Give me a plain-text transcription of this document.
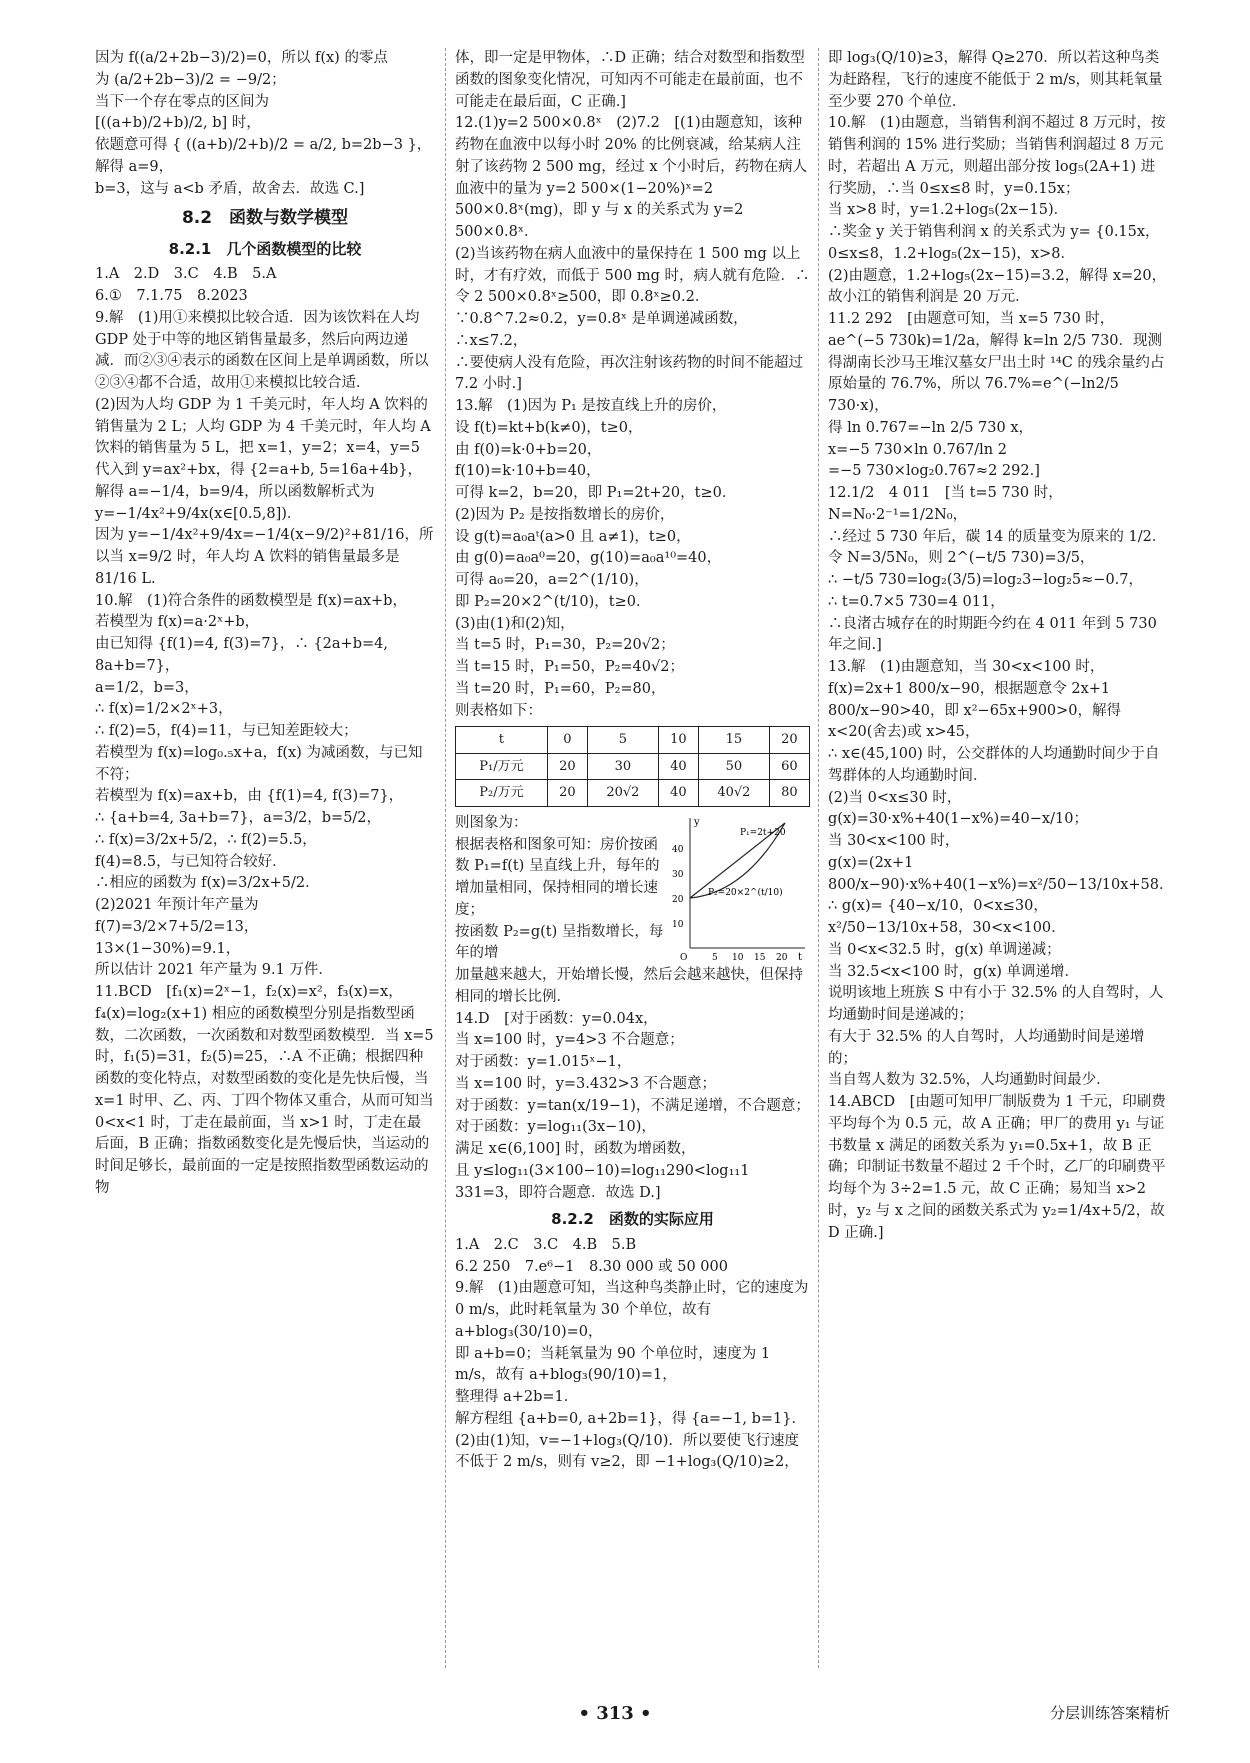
因为 f((a/2+2b−3)/2)=0，所以 f(x) 的零点

为 (a/2+2b−3)/2 = −9/2；

当下一个存在零点的区间为

[((a+b)/2+b)/2, b] 时，

依题意可得 { ((a+b)/2+b)/2 = a/2, b=2b−3 }，解得 a=9，

b=3，这与 a<b 矛盾，故舍去．故选 C.]

8.2　函数与数学模型
8.2.1　几个函数模型的比较

1.A　2.D　3.C　4.B　5.A

6.①　7.1.75　8.2023

9.解　(1)用①来模拟比较合适．因为该饮料在人均 GDP 处于中等的地区销售量最多，然后向两边递减．而②③④表示的函数在区间上是单调函数，所以②③④都不合适，故用①来模拟比较合适．

(2)因为人均 GDP 为 1 千美元时，年人均 A 饮料的销售量为 2 L；人均 GDP 为 4 千美元时，年人均 A 饮料的销售量为 5 L，把 x=1，y=2；x=4，y=5 代入到 y=ax²+bx，得 {2=a+b, 5=16a+4b}，解得 a=−1/4，b=9/4，所以函数解析式为 y=−1/4x²+9/4x(x∈[0.5,8])．

因为 y=−1/4x²+9/4x=−1/4(x−9/2)²+81/16，所以当 x=9/2 时，年人均 A 饮料的销售量最多是 81/16 L.

10.解　(1)符合条件的函数模型是 f(x)=ax+b，

若模型为 f(x)=a·2ˣ+b，

由已知得 {f(1)=4, f(3)=7}，∴ {2a+b=4, 8a+b=7}，

a=1/2，b=3，

∴ f(x)=1/2×2ˣ+3，

∴ f(2)=5，f(4)=11，与已知差距较大；

若模型为 f(x)=log₀.₅x+a，f(x) 为减函数，与已知不符；

若模型为 f(x)=ax+b，由 {f(1)=4, f(3)=7}，

∴ {a+b=4, 3a+b=7}，a=3/2，b=5/2，

∴ f(x)=3/2x+5/2，∴ f(2)=5.5，

f(4)=8.5，与已知符合较好．

∴相应的函数为 f(x)=3/2x+5/2．

(2)2021 年预计年产量为

f(7)=3/2×7+5/2=13，

13×(1−30%)=9.1，

所以估计 2021 年产量为 9.1 万件．

11.BCD　[f₁(x)=2ˣ−1，f₂(x)=x²，f₃(x)=x，f₄(x)=log₂(x+1) 相应的函数模型分别是指数型函数，二次函数，一次函数和对数型函数模型．当 x=5 时，f₁(5)=31，f₂(5)=25，∴A 不正确；根据四种函数的变化特点，对数型函数的变化是先快后慢，当 x=1 时甲、乙、丙、丁四个物体又重合，从而可知当 0<x<1 时，丁走在最前面，当 x>1 时，丁走在最后面，B 正确；指数函数变化是先慢后快，当运动的时间足够长，最前面的一定是按照指数型函数运动的物

体，即一定是甲物体，∴D 正确；结合对数型和指数型函数的图象变化情况，可知丙不可能走在最前面，也不可能走在最后面，C 正确.]

12.(1)y=2 500×0.8ˣ　(2)7.2　[(1)由题意知，该种药物在血液中以每小时 20% 的比例衰减，给某病人注射了该药物 2 500 mg，经过 x 个小时后，药物在病人血液中的量为 y=2 500×(1−20%)ˣ=2 500×0.8ˣ(mg)，即 y 与 x 的关系式为 y=2 500×0.8ˣ．

(2)当该药物在病人血液中的量保持在 1 500 mg 以上时，才有疗效，而低于 500 mg 时，病人就有危险．∴令 2 500×0.8ˣ≥500，即 0.8ˣ≥0.2．∵0.8^7.2≈0.2，y=0.8ˣ 是单调递减函数，∴x≤7.2，

∴要使病人没有危险，再次注射该药物的时间不能超过 7.2 小时.]

13.解　(1)因为 P₁ 是按直线上升的房价，

设 f(t)=kt+b(k≠0)，t≥0，

由 f(0)=k·0+b=20，

f(10)=k·10+b=40，

可得 k=2，b=20，即 P₁=2t+20，t≥0．

(2)因为 P₂ 是按指数增长的房价，

设 g(t)=a₀aᵗ(a>0 且 a≠1)，t≥0，

由 g(0)=a₀a⁰=20，g(10)=a₀a¹⁰=40，

可得 a₀=20，a=2^(1/10)，

即 P₂=20×2^(t/10)，t≥0．

(3)由(1)和(2)知，

当 t=5 时，P₁=30，P₂=20√2；

当 t=15 时，P₁=50，P₂=40√2；

当 t=20 时，P₁=60，P₂=80，

则表格如下：

t	0	5	10	15	20
P₁/万元	20	30	40	50	60
P₂/万元	20	20√2	40	40√2	80

则图象为：

根据表格和图象可知：房价按函数 P₁=f(t) 呈直线上升，每年的增加量相同，保持相同的增长速度；

按函数 P₂=g(t) 呈指数增长，每年的增

y
t
40
30
20
10
O	5 10 15 20
P₁=2t+20
P₂=20×2^(t/10)

加量越来越大，开始增长慢，然后会越来越快，但保持相同的增长比例．

14.D　[对于函数：y=0.04x，

当 x=100 时，y=4>3 不合题意；

对于函数：y=1.015ˣ−1，

当 x=100 时，y=3.432>3 不合题意；

对于函数：y=tan(x/19−1)，不满足递增，不合题意；

对于函数：y=log₁₁(3x−10)，

满足 x∈(6,100] 时，函数为增函数，

且 y≤log₁₁(3×100−10)=log₁₁290<log₁₁1 331=3，即符合题意．故选 D.]

8.2.2　函数的实际应用

1.A　2.C　3.C　4.B　5.B

6.2 250　7.e⁶−1　8.30 000 或 50 000

9.解　(1)由题意可知，当这种鸟类静止时，它的速度为 0 m/s，此时耗氧量为 30 个单位，故有 a+blog₃(30/10)=0，

即 a+b=0；当耗氧量为 90 个单位时，速度为 1 m/s，故有 a+blog₃(90/10)=1，

整理得 a+2b=1．

解方程组 {a+b=0, a+2b=1}，得 {a=−1, b=1}．

(2)由(1)知，v=−1+log₃(Q/10)．所以要使飞行速度不低于 2 m/s，则有 v≥2，即 −1+log₃(Q/10)≥2，

即 log₃(Q/10)≥3，解得 Q≥270．所以若这种鸟类为赶路程，飞行的速度不能低于 2 m/s，则其耗氧量至少要 270 个单位．

10.解　(1)由题意，当销售利润不超过 8 万元时，按销售利润的 15% 进行奖励；当销售利润超过 8 万元时，若超出 A 万元，则超出部分按 log₅(2A+1) 进行奖励，∴当 0≤x≤8 时，y=0.15x；

当 x>8 时，y=1.2+log₅(2x−15)．

∴奖金 y 关于销售利润 x 的关系式为 y= {0.15x，0≤x≤8，1.2+log₅(2x−15)，x>8．

(2)由题意，1.2+log₅(2x−15)=3.2，解得 x=20，

故小江的销售利润是 20 万元．

11.2 292　[由题意可知，当 x=5 730 时，ae^(−5 730k)=1/2a，解得 k=ln 2/5 730．现测得湖南长沙马王堆汉墓女尸出土时 ¹⁴C 的残余量约占原始量的 76.7%，所以 76.7%=e^(−ln2/5 730·x)，

得 ln 0.767=−ln 2/5 730 x，

x=−5 730×ln 0.767/ln 2

=−5 730×log₂0.767≈2 292.]

12.1/2　4 011　[当 t=5 730 时，

N=N₀·2⁻¹=1/2N₀，

∴经过 5 730 年后，碳 14 的质量变为原来的 1/2．

令 N=3/5N₀，则 2^(−t/5 730)=3/5，

∴ −t/5 730=log₂(3/5)=log₂3−log₂5≈−0.7，

∴ t=0.7×5 730=4 011，

∴良渚古城存在的时期距今约在 4 011 年到 5 730 年之间.]

13.解　(1)由题意知，当 30<x<100 时，f(x)=2x+1 800/x−90，根据题意令 2x+1 800/x−90>40，即 x²−65x+900>0，解得 x<20(舍去)或 x>45，

∴ x∈(45,100) 时，公交群体的人均通勤时间少于自驾群体的人均通勤时间．

(2)当 0<x≤30 时，g(x)=30·x%+40(1−x%)=40−x/10；

当 30<x<100 时，

g(x)=(2x+1 800/x−90)·x%+40(1−x%)=x²/50−13/10x+58．

∴ g(x)= {40−x/10，0<x≤30，x²/50−13/10x+58，30<x<100．

当 0<x<32.5 时，g(x) 单调递减；

当 32.5<x<100 时，g(x) 单调递增．

说明该地上班族 S 中有小于 32.5% 的人自驾时，人均通勤时间是递减的；

有大于 32.5% 的人自驾时，人均通勤时间是递增的；

当自驾人数为 32.5%，人均通勤时间最少．

14.ABCD　[由题可知甲厂制版费为 1 千元，印刷费平均每个为 0.5 元，故 A 正确；甲厂的费用 y₁ 与证书数量 x 满足的函数关系为 y₁=0.5x+1，故 B 正确；印制证书数量不超过 2 千个时，乙厂的印刷费平均每个为 3÷2=1.5 元，故 C 正确；易知当 x>2 时，y₂ 与 x 之间的函数关系式为 y₂=1/4x+5/2，故 D 正确.]

• 313 •	分层训练答案精析
